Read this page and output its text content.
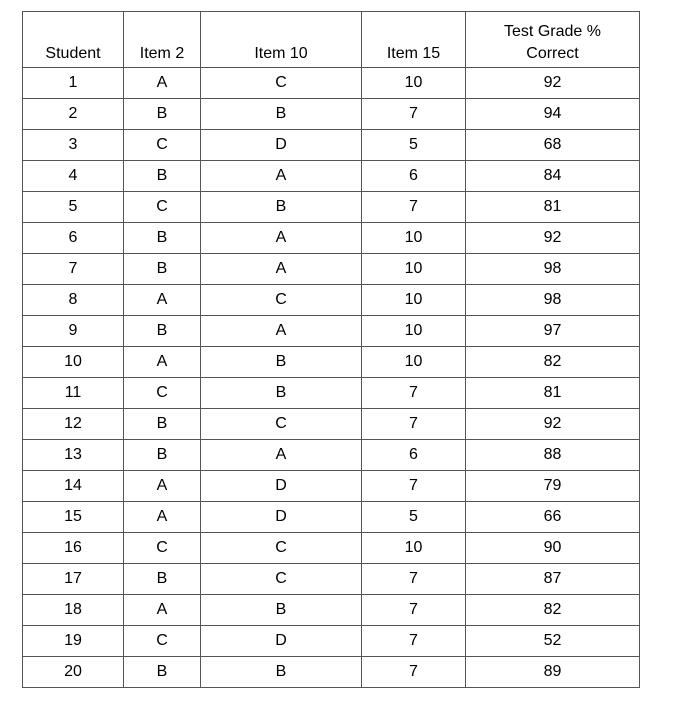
Student	Item 2	Item 10	Item 15	Test Grade %
Correct

1	A	C	10	92
2	B	B	7	94
3	C	D	5	68
4	B	A	6	84
5	C	B	7	81
6	B	A	10	92
7	B	A	10	98
8	A	C	10	98
9	B	A	10	97
10	A	B	10	82
11	C	B	7	81
12	B	C	7	92
13	B	A	6	88
14	A	D	7	79
15	A	D	5	66
16	C	C	10	90
17	B	C	7	87
18	A	B	7	82
19	C	D	7	52
20	B	B	7	89
